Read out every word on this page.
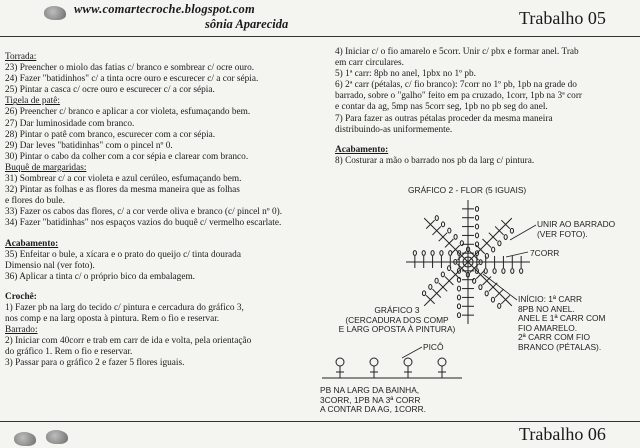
www.comartecroche.blogspot.com
sônia Aparecida	Trabalho 05
Torrada:
23) Preencher o miolo das fatias c/ branco e sombrear c/ ocre ouro.
24) Fazer "batidinhos" c/ a tinta ocre ouro e escurecer c/ a cor sépia.
25) Pintar a casca c/ ocre ouro e escurecer c/ a cor sépia.
Tigela de patê:
26) Preencher c/ branco e aplicar a cor violeta, esfumaçando bem.
27) Dar luminosidade com branco.
28) Pintar o patê com branco, escurecer com a cor sépia.
29) Dar leves "batidinhas" com o pincel nº 0.
30) Pintar o cabo da colher com a cor sépia e clarear com branco.
Buquê de margaridas:
31) Sombrear c/ a cor violeta e azul cerúleo, esfumaçando bem.
32) Pintar as folhas e as flores da mesma maneira que as folhas
e flores do bule.
33) Fazer os cabos das flores, c/ a cor verde oliva e branco (c/ pincel nº 0).
34) Fazer "batidinhas" nos espaços vazios do buquê c/ vermelho escarlate.
Acabamento:
35) Enfeitar o bule, a xícara e o prato do queijo c/ tinta dourada
Dimensio nal (ver foto).
36) Aplicar a tinta c/ o próprio bico da embalagem.
Crochê:
1) Fazer pb na larg do tecido c/ pintura e cercadura do gráfico 3,
nos comp e na larg oposta à pintura. Rem o fio e reservar.
Barrado:
2) Iniciar com 40corr e trab em carr de ida e volta, pela orientação
do gráfico 1. Rem o fio e reservar.
3) Passar para o gráfico 2 e fazer 5 flores iguais.
4) Iniciar c/ o fio amarelo e 5corr. Unir c/ pbx e formar anel. Trab
em carr circulares.
5) 1ª carr: 8pb no anel, 1pbx no 1º pb.
6) 2ª carr (pétalas, c/ fio branco): 7corr no 1º pb, 1pb na grade do
barrado, sobre o "galho" feito em pa cruzado, 1corr, 1pb na 3ª corr
e contar da ag, 5mp nas 5corr seg, 1pb no pb seg do anel.
7) Para fazer as outras pétalas proceder da mesma maneira
distribuindo-as uniformemente.
Acabamento:
8) Costurar a mão o barrado nos pb da larg c/ pintura.
GRÁFICO 2 - FLOR (5 IGUAIS)
UNIR AO BARRADO
(VER FOTO).
7CORR
INÍCIO: 1ª CARR
8PB NO ANEL.
ANEL E 1ª CARR COM
FIO AMARELO.
2ª CARR COM FIO
BRANCO (PÉTALAS).
GRÁFICO 3
(CERCADURA DOS COMP
E LARG OPOSTA À PINTURA)
PICÔ
PB NA LARG DA BAINHA,
3CORR, 1PB NA 3ª CORR
A CONTAR DA AG, 1CORR.
Trabalho 06
